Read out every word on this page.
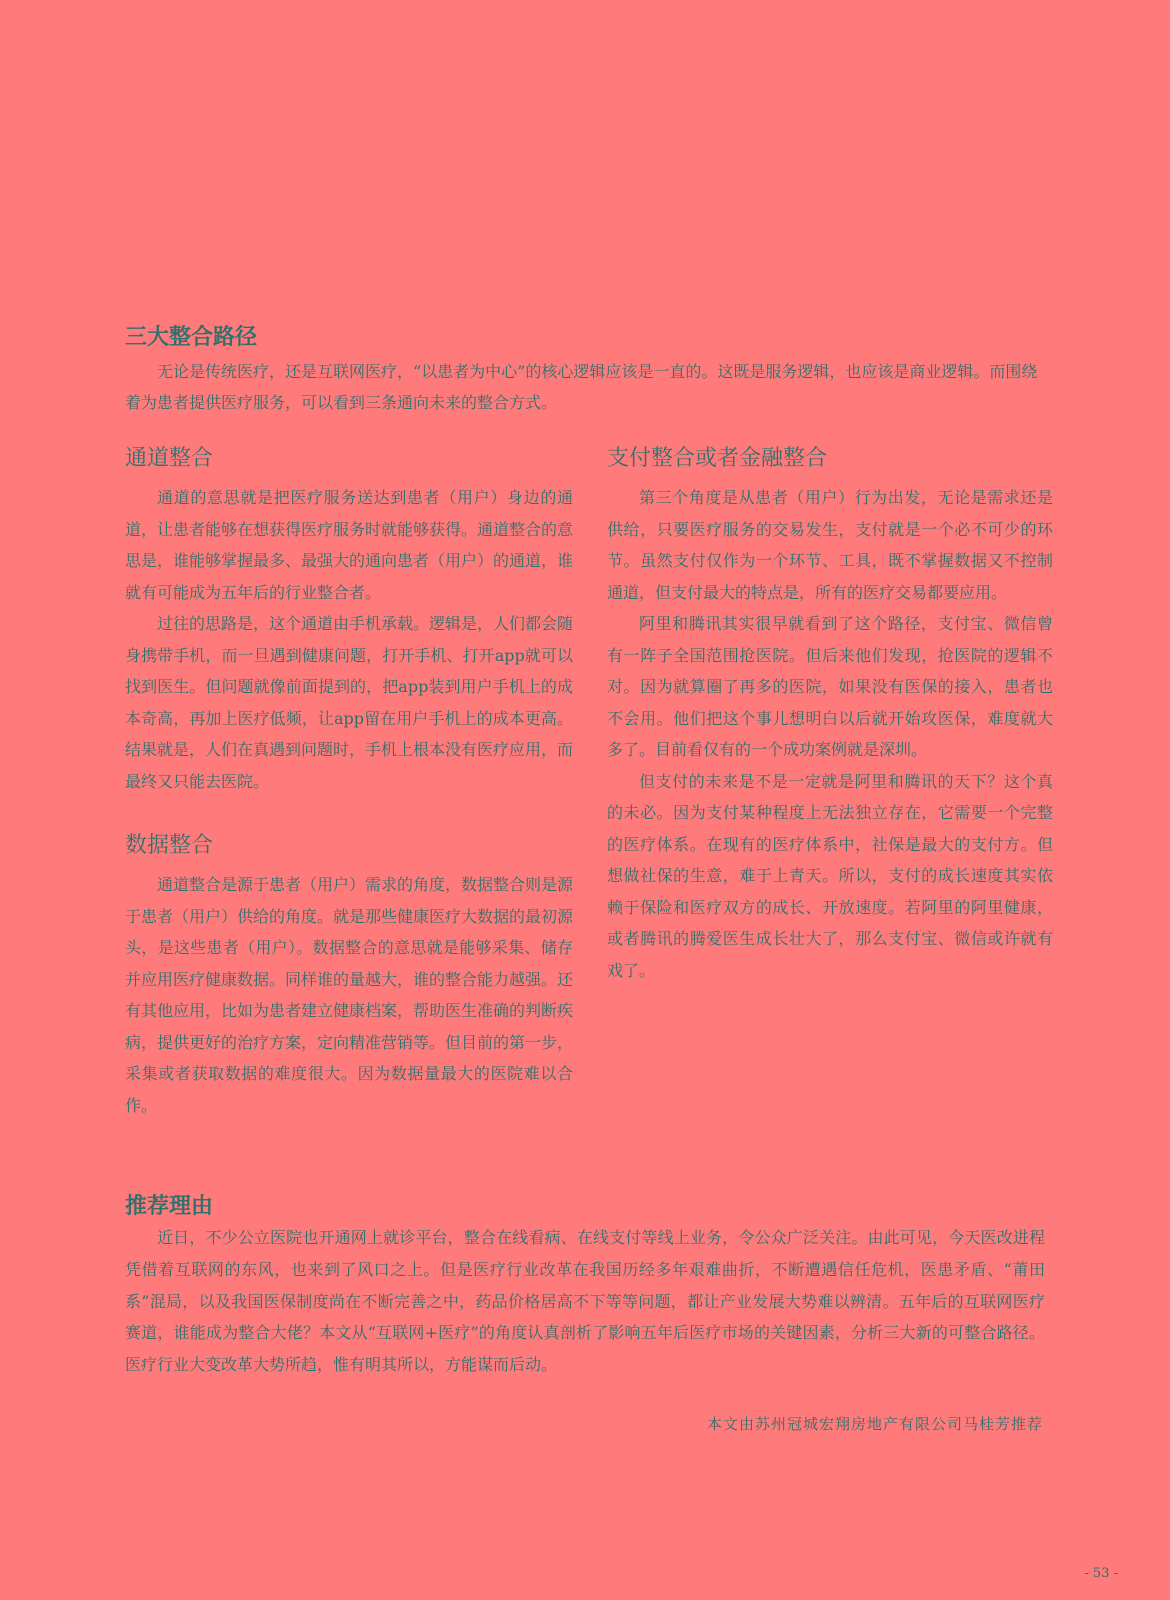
三大整合路径

无论是传统医疗，还是互联网医疗，“以患者为中心”的核心逻辑应该是一直的。这既是服务逻辑，也应该是商业逻辑。而围绕着为患者提供医疗服务，可以看到三条通向未来的整合方式。

通道整合

通道的意思就是把医疗服务送达到患者（用户）身边的通道，让患者能够在想获得医疗服务时就能够获得。通道整合的意思是，谁能够掌握最多、最强大的通向患者（用户）的通道，谁就有可能成为五年后的行业整合者。

过往的思路是，这个通道由手机承载。逻辑是，人们都会随身携带手机，而一旦遇到健康问题，打开手机、打开app就可以找到医生。但问题就像前面提到的，把app装到用户手机上的成本奇高，再加上医疗低频，让app留在用户手机上的成本更高。结果就是，人们在真遇到问题时，手机上根本没有医疗应用，而最终又只能去医院。

数据整合

通道整合是源于患者（用户）需求的角度，数据整合则是源于患者（用户）供给的角度。就是那些健康医疗大数据的最初源头，是这些患者（用户）。数据整合的意思就是能够采集、储存并应用医疗健康数据。同样谁的量越大，谁的整合能力越强。还有其他应用，比如为患者建立健康档案，帮助医生准确的判断疾病，提供更好的治疗方案，定向精准营销等。但目前的第一步，采集或者获取数据的难度很大。因为数据量最大的医院难以合作。

支付整合或者金融整合

第三个角度是从患者（用户）行为出发，无论是需求还是供给，只要医疗服务的交易发生，支付就是一个必不可少的环节。虽然支付仅作为一个环节、工具，既不掌握数据又不控制通道，但支付最大的特点是，所有的医疗交易都要应用。

阿里和腾讯其实很早就看到了这个路径，支付宝、微信曾有一阵子全国范围抢医院。但后来他们发现，抢医院的逻辑不对。因为就算圈了再多的医院，如果没有医保的接入，患者也不会用。他们把这个事儿想明白以后就开始攻医保，难度就大多了。目前看仅有的一个成功案例就是深圳。

但支付的未来是不是一定就是阿里和腾讯的天下？这个真的未必。因为支付某种程度上无法独立存在，它需要一个完整的医疗体系。在现有的医疗体系中，社保是最大的支付方。但想做社保的生意，难于上青天。所以，支付的成长速度其实依赖于保险和医疗双方的成长、开放速度。若阿里的阿里健康，或者腾讯的腾爱医生成长壮大了，那么支付宝、微信或许就有戏了。

推荐理由

近日，不少公立医院也开通网上就诊平台，整合在线看病、在线支付等线上业务，令公众广泛关注。由此可见，今天医改进程凭借着互联网的东风，也来到了风口之上。但是医疗行业改革在我国历经多年艰难曲折，不断遭遇信任危机，医患矛盾、“莆田系”混局，以及我国医保制度尚在不断完善之中，药品价格居高不下等等问题，都让产业发展大势难以辨清。五年后的互联网医疗赛道，谁能成为整合大佬？本文从“互联网+医疗”的角度认真剖析了影响五年后医疗市场的关键因素，分析三大新的可整合路径。医疗行业大变改革大势所趋，惟有明其所以，方能谋而后动。

本文由苏州冠城宏翔房地产有限公司马桂芳推荐

- 53 -
